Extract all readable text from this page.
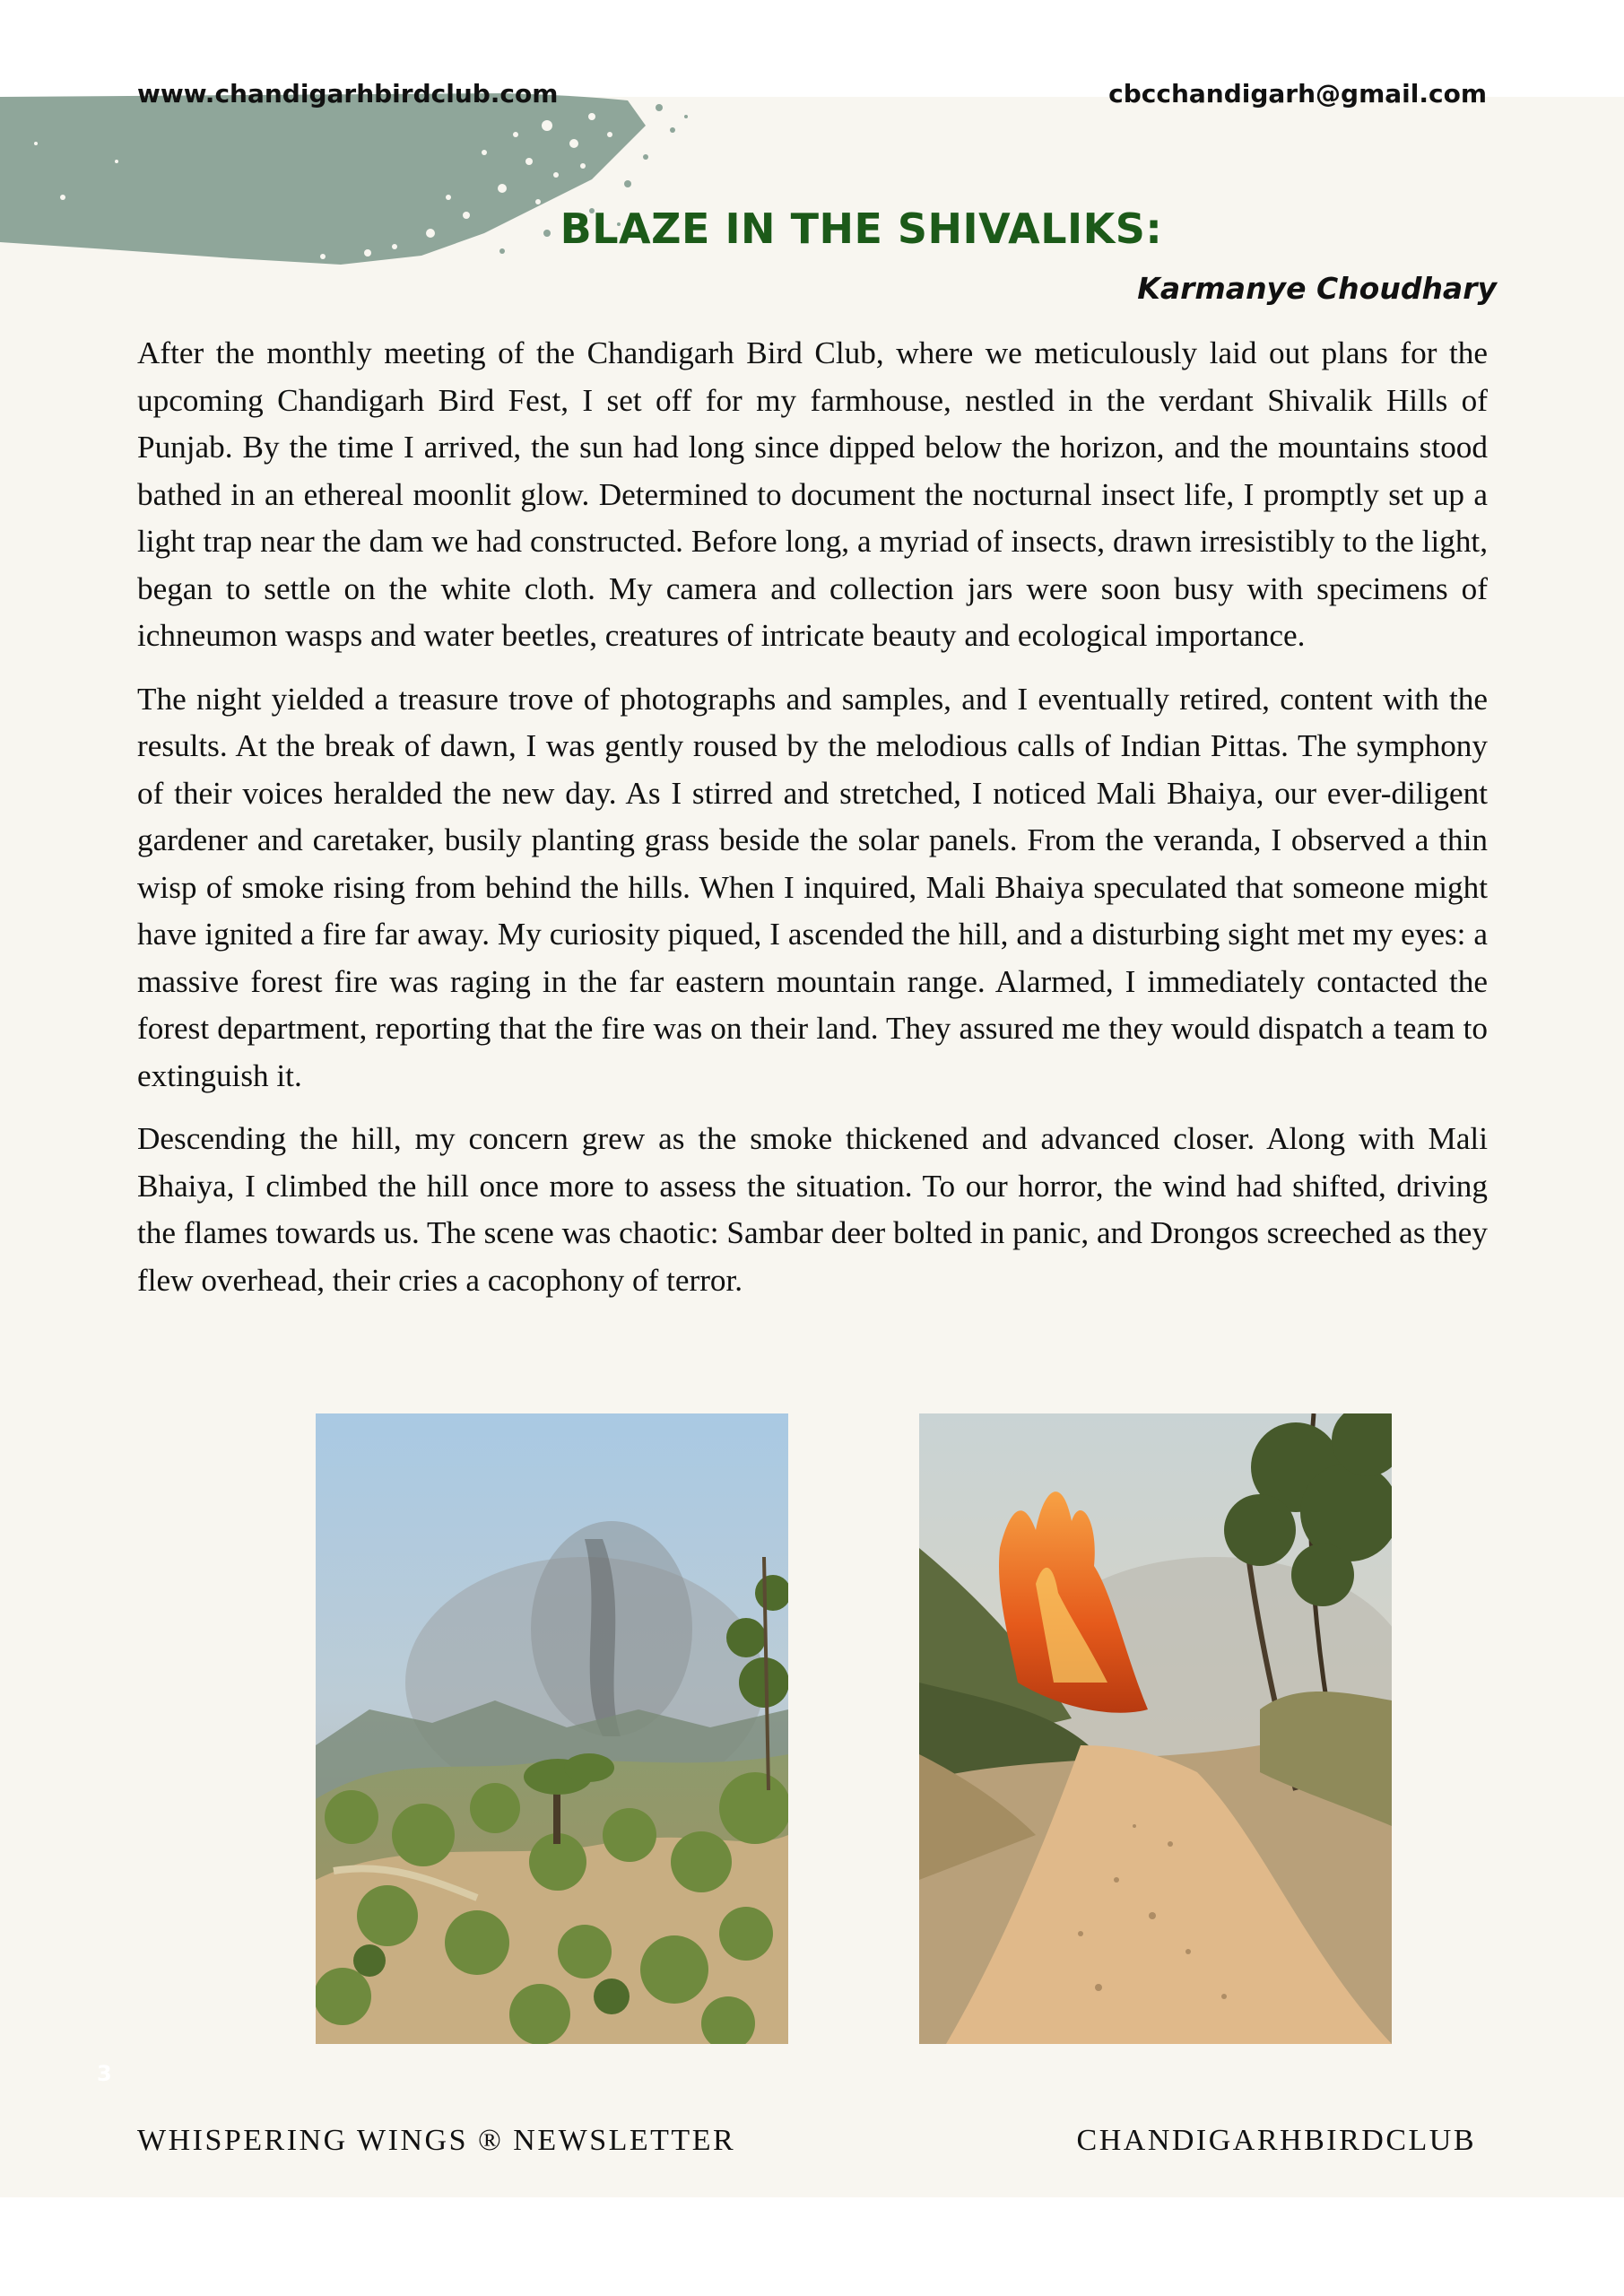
www.chandigarhbirdclub.com	cbcchandigarh@gmail.com
BLAZE IN THE SHIVALIKS:
Karmanye Choudhary

After the monthly meeting of the Chandigarh Bird Club, where we meticulously laid out plans for the upcoming Chandigarh Bird Fest, I set off for my farmhouse, nestled in the verdant Shivalik Hills of Punjab. By the time I arrived, the sun had long since dipped below the horizon, and the mountains stood bathed in an ethereal moonlit glow. Determined to document the nocturnal insect life, I promptly set up a light trap near the dam we had constructed. Before long, a myriad of insects, drawn irresistibly to the light, began to settle on the white cloth. My camera and collection jars were soon busy with specimens of ichneumon wasps and water beetles, creatures of intricate beauty and ecological importance.

The night yielded a treasure trove of photographs and samples, and I eventually retired, content with the results. At the break of dawn, I was gently roused by the melodious calls of Indian Pittas. The symphony of their voices heralded the new day. As I stirred and stretched, I noticed Mali Bhaiya, our ever-diligent gardener and caretaker, busily planting grass beside the solar panels. From the veranda, I observed a thin wisp of smoke rising from behind the hills. When I inquired, Mali Bhaiya speculated that someone might have ignited a fire far away. My curiosity piqued, I ascended the hill, and a disturbing sight met my eyes: a massive forest fire was raging in the far eastern mountain range. Alarmed, I immediately contacted the forest department, reporting that the fire was on their land. They assured me they would dispatch a team to extinguish it.

Descending the hill, my concern grew as the smoke thickened and advanced closer. Along with Mali Bhaiya, I climbed the hill once more to assess the situation. To our horror, the wind had shifted, driving the flames towards us. The scene was chaotic: Sambar deer bolted in panic, and Drongos screeched as they flew overhead, their cries a cacophony of terror.

3
WHISPERING WINGS ® NEWSLETTER	CHANDIGARHBIRDCLUB
